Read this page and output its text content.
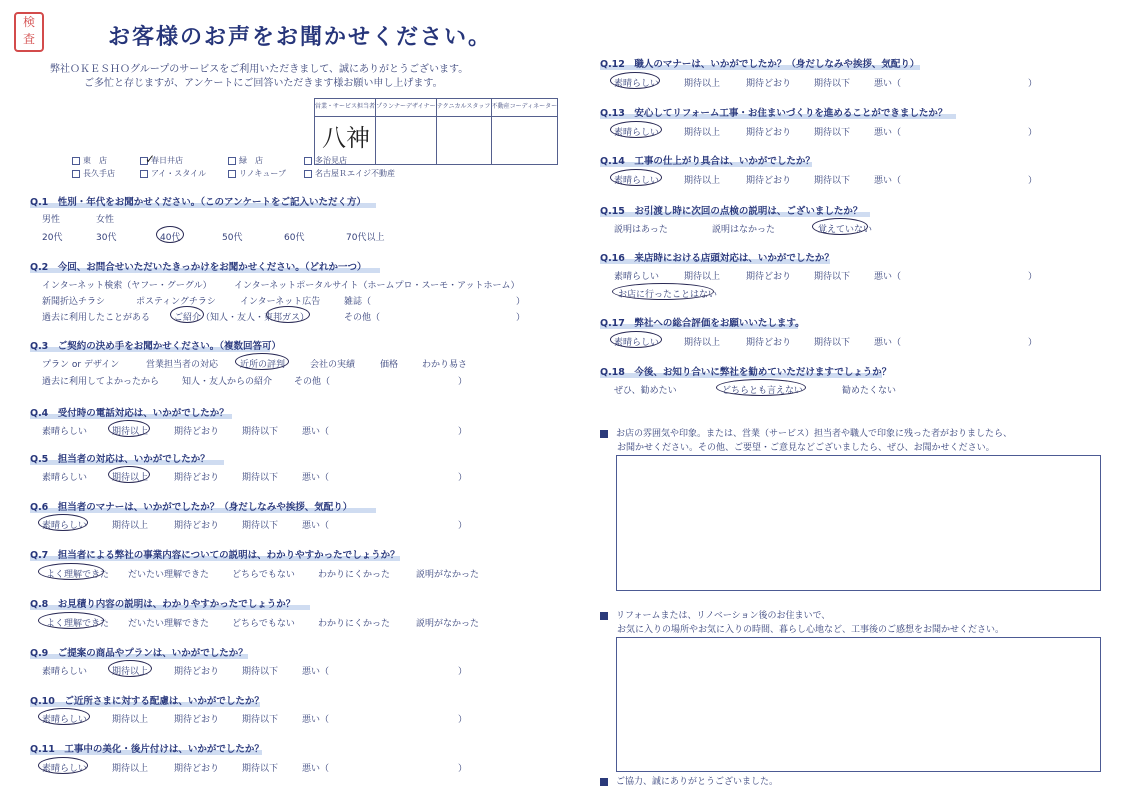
検
査	お客様のお声をお聞かせください。
弊社ＯＫＥＳＨＯグループのサービスをご利用いただきまして、誠にありがとうございます。
ご多忙と存じますが、アンケートにご回答いただきます様お願い申し上げます。
営業・サービス担当者	プランナーデザイナー	テクニカルスタッフ	不動産コーディネーター

八神
東　店	春日井店	緑　店	多治見店
長久手店	アイ・スタイル	リノキューブ	名古屋Ｒエイジ不動産
✓
Q.1　性別・年代をお聞かせください。（このアンケートをご記入いただく方）
男性	女性
20代	30代	40代	50代	60代	70代以上
Q.2　今回、お問合せいただいたきっかけをお聞かせください。（どれか一つ）
インターネット検索（ヤフー・グーグル） インターネットポータルサイト（ホームプロ・スーモ・アットホーム）
新聞折込チラシ	ポスティングチラシ	インターネット広告	雑誌（	）
過去に利用したことがある	ご紹介（知人・友人・東邦ガス）	その他（	）
Q.3　ご契約の決め手をお聞かせください。（複数回答可）
プラン or デザイン	営業担当者の対応 近所の評判	会社の実績	価格	わかり易さ
過去に利用してよかったから	知人・友人からの紹介 その他（	）
Q.4　受付時の電話対応は、いかがでしたか？
素晴らしい	期待以上	期待どおり	期待以下	悪い（	）
Q.5　担当者の対応は、いかがでしたか？
素晴らしい	期待以上	期待どおり	期待以下	悪い（	）
Q.6　担当者のマナーは、いかがでしたか？（身だしなみや挨拶、気配り）
素晴らしい	期待以上	期待どおり	期待以下	悪い（	）
Q.7　担当者による弊社の事業内容についての説明は、わかりやすかったでしょうか？
よく理解できた だいたい理解できた	どちらでもない	わかりにくかった	説明がなかった
Q.8　お見積り内容の説明は、わかりやすかったでしょうか？
よく理解できた だいたい理解できた	どちらでもない	わかりにくかった	説明がなかった
Q.9　ご提案の商品やプランは、いかがでしたか？
素晴らしい	期待以上	期待どおり	期待以下	悪い（	）
Q.10　ご近所さまに対する配慮は、いかがでしたか？
素晴らしい	期待以上	期待どおり	期待以下	悪い（	）
Q.11　工事中の美化・後片付けは、いかがでしたか？
素晴らしい	期待以上	期待どおり	期待以下	悪い（	）
Q.12　職人のマナーは、いかがでしたか？（身だしなみや挨拶、気配り）
素晴らしい	期待以上	期待どおり	期待以下	悪い（	）
Q.13　安心してリフォーム工事・お住まいづくりを進めることができましたか？
素晴らしい	期待以上	期待どおり	期待以下	悪い（	）
Q.14　工事の仕上がり具合は、いかがでしたか？
素晴らしい	期待以上	期待どおり	期待以下	悪い（	）
Q.15　お引渡し時に次回の点検の説明は、ございましたか？
説明はあった	説明はなかった	覚えていない
Q.16　来店時における店頭対応は、いかがでしたか？
素晴らしい	期待以上	期待どおり	期待以下	悪い（	）
お店に行ったことはない
Q.17　弊社への総合評価をお願いいたします。
素晴らしい	期待以上	期待どおり	期待以下	悪い（	）
Q.18　今後、お知り合いに弊社を勧めていただけますでしょうか？
ぜひ、勧めたい	どちらとも言えない	勧めたくない
お店の雰囲気や印象。または、営業（サービス）担当者や職人で印象に残った者がおりましたら、
お聞かせください。その他、ご要望・ご意見などございましたら、ぜひ、お聞かせください。
リフォームまたは、リノベーション後のお住まいで、
お気に入りの場所やお気に入りの時間、暮らし心地など、工事後のご感想をお聞かせください。
ご協力、誠にありがとうございました。
